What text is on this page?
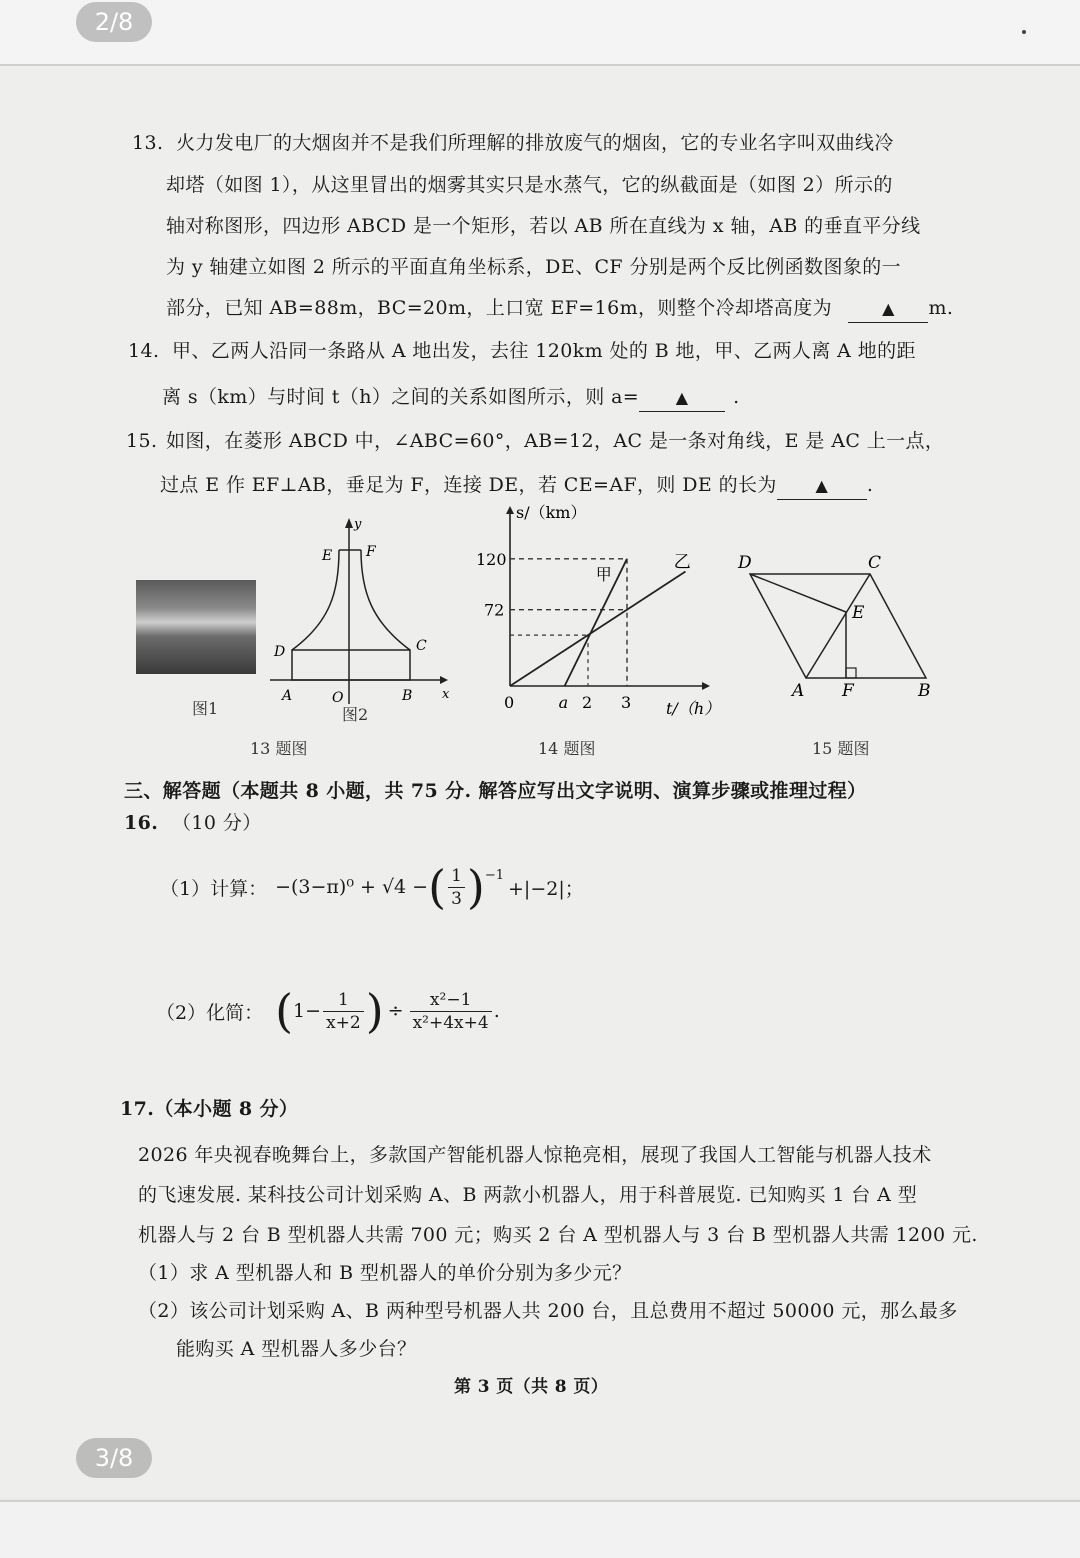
2/8
13. 火力发电厂的大烟囱并不是我们所理解的排放废气的烟囱，它的专业名字叫双曲线冷
却塔（如图 1），从这里冒出的烟雾其实只是水蒸气，它的纵截面是（如图 2）所示的
轴对称图形，四边形 ABCD 是一个矩形，若以 AB 所在直线为 x 轴，AB 的垂直平分线
为 y 轴建立如图 2 所示的平面直角坐标系，DE、CF 分别是两个反比例函数图象的一
部分，已知 AB=88m，BC=20m，上口宽 EF=16m，则整个冷却塔高度为	▲ m.
14. 甲、乙两人沿同一条路从 A 地出发，去往 120km 处的 B 地，甲、乙两人离 A 地的距
离 s（km）与时间 t（h）之间的关系如图所示，则 a= ▲ .
15. 如图，在菱形 ABCD 中，∠ABC=60°，AB=12，AC 是一条对角线，E 是 AC 上一点，
过点 E 作 EF⊥AB，垂足为 F，连接 DE，若 CE=AF，则 DE 的长为 ▲ .
y
E F
D	C
A	O	B x
图1	图2
13 题图
s/（km）
t/（h）
120
72
0	a 2 3
甲
乙
14 题图
D	C
E
A F	B
15 题图
三、解答题（本题共 8 小题，共 75 分. 解答应写出文字说明、演算步骤或推理过程）
16. （10 分）
（1）计算： −(3−π)⁰ + √4 − ( $\frac{1}{3} )^{-1}$
+|−2|；
（2）化简： ( $1- \frac{1}{x+2}$ ) ÷ $\frac{\text{x²−1}}{\text{x²+4x+4}}$ .
17.（本小题 8 分）
2026 年央视春晚舞台上，多款国产智能机器人惊艳亮相，展现了我国人工智能与机器人技术
的飞速发展. 某科技公司计划采购 A、B 两款小机器人，用于科普展览. 已知购买 1 台 A 型
机器人与 2 台 B 型机器人共需 700 元；购买 2 台 A 型机器人与 3 台 B 型机器人共需 1200 元.
（1）求 A 型机器人和 B 型机器人的单价分别为多少元？
（2）该公司计划采购 A、B 两种型号机器人共 200 台，且总费用不超过 50000 元，那么最多
能购买 A 型机器人多少台？
第 3 页（共 8 页）
3/8
